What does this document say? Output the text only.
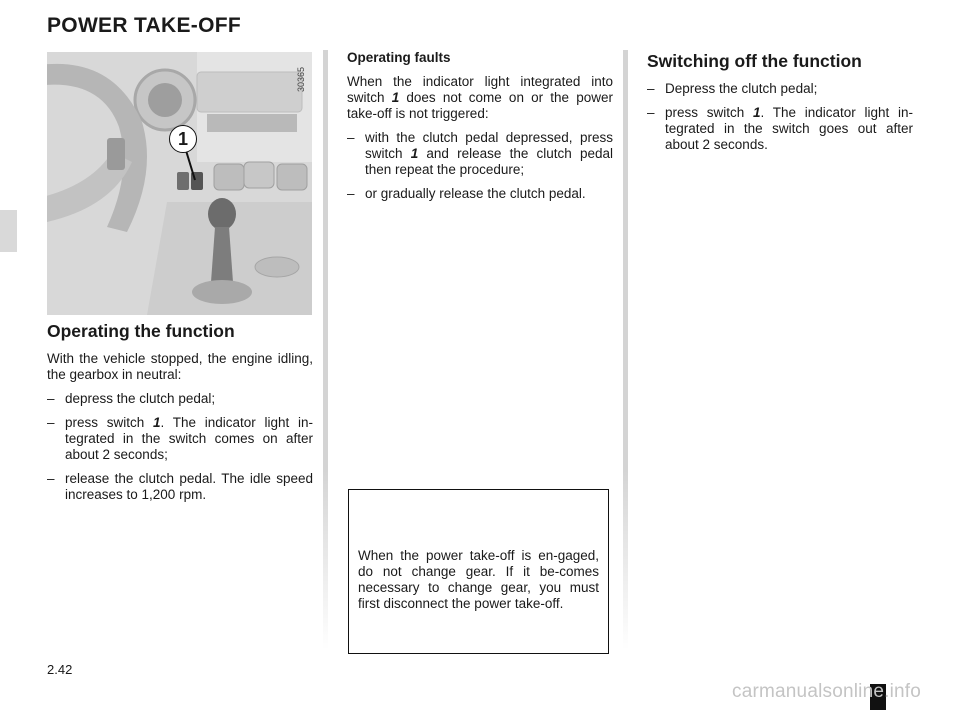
POWER TAKE-OFF
30365
1
Operating the function

With the vehicle stopped, the engine idling, the gearbox in neutral:

– depress the clutch pedal;
– press switch 1. The indicator light in-tegrated in the switch comes on after about 2 seconds;
– release the clutch pedal. The idle speed increases to 1,200 rpm.
Operating faults

When the indicator light integrated into switch 1 does not come on or the power take-off is not triggered:

– with the clutch pedal depressed, press switch 1 and release the clutch pedal then repeat the procedure;
– or gradually release the clutch pedal.

When the power take-off is en-gaged, do not change gear. If it be-comes necessary to change gear, you must first disconnect the power take-off.

Switching off the function
– Depress the clutch pedal;
– press switch 1. The indicator light in-tegrated in the switch goes out after about 2 seconds.
2.42
carmanualsonline.info
